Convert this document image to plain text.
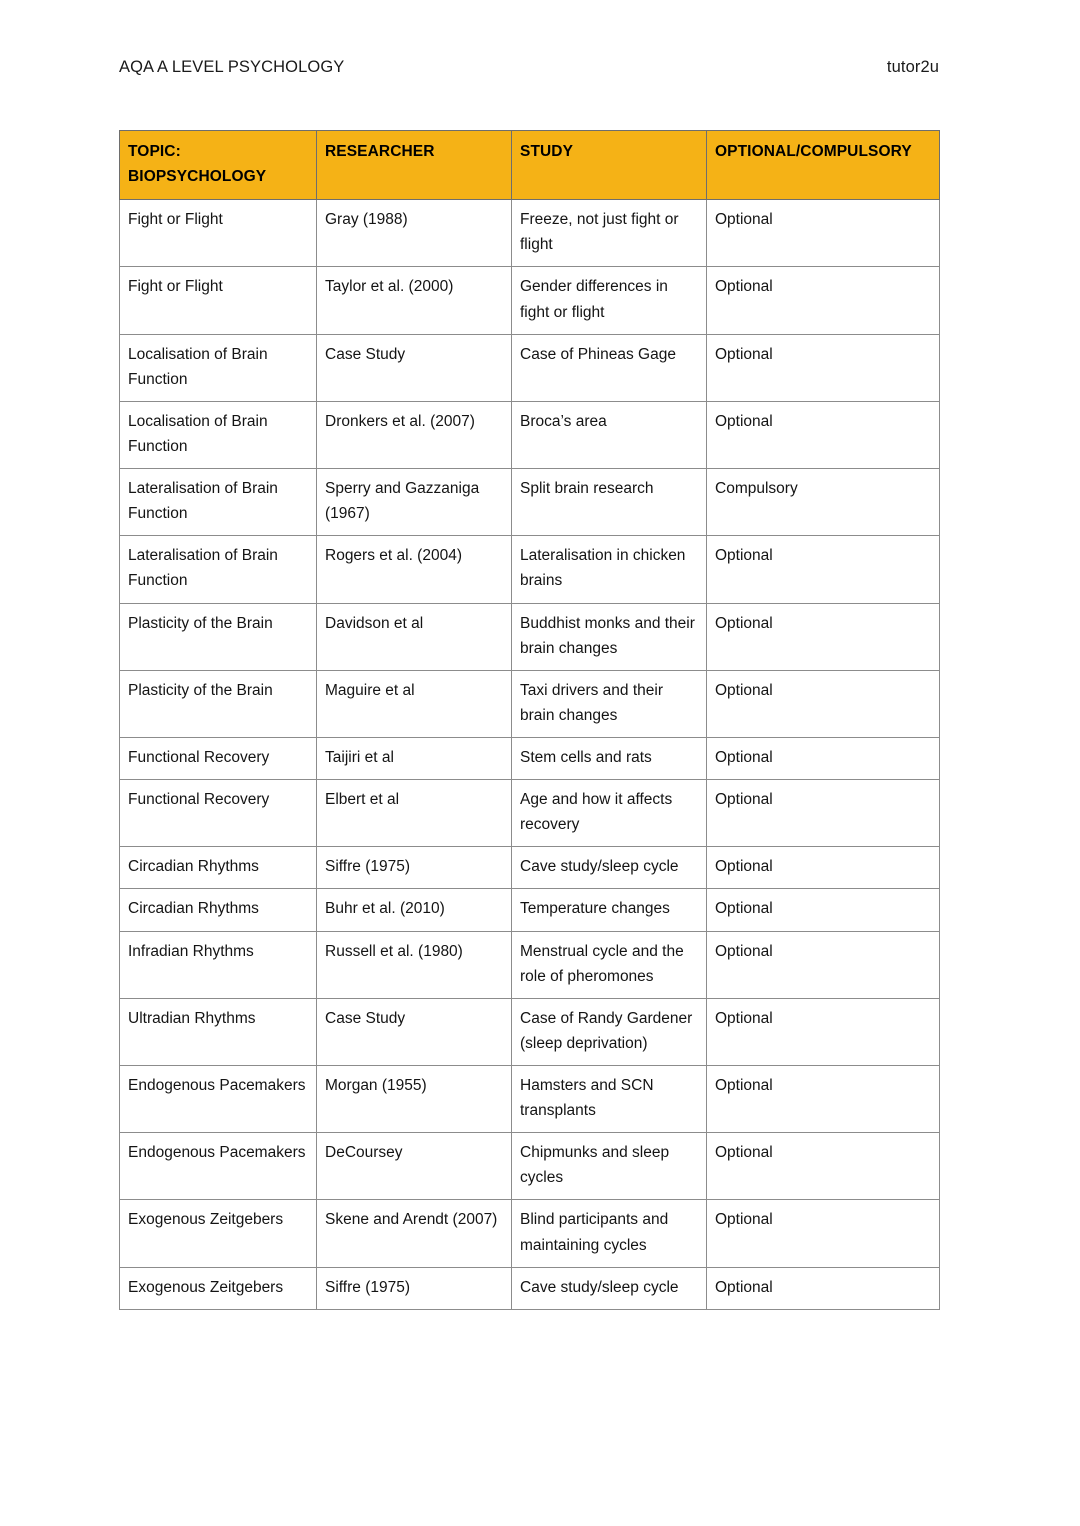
AQA A LEVEL PSYCHOLOGY	tutor2u
TOPIC:
BIOPSYCHOLOGY	RESEARCHER	STUDY	OPTIONAL/COMPULSORY
Fight or Flight	Gray (1988)	Freeze, not just fight or flight	Optional
Fight or Flight	Taylor et al. (2000)	Gender differences in fight or flight	Optional
Localisation of Brain Function	Case Study	Case of Phineas Gage	Optional
Localisation of Brain Function	Dronkers et al. (2007)	Broca’s area	Optional
Lateralisation of Brain Function	Sperry and Gazzaniga (1967)	Split brain research	Compulsory
Lateralisation of Brain Function	Rogers et al. (2004)	Lateralisation in chicken brains	Optional
Plasticity of the Brain	Davidson et al	Buddhist monks and their brain changes	Optional
Plasticity of the Brain	Maguire et al	Taxi drivers and their brain changes	Optional
Functional Recovery	Taijiri et al	Stem cells and rats	Optional
Functional Recovery	Elbert et al	Age and how it affects recovery	Optional
Circadian Rhythms	Siffre (1975)	Cave study/sleep cycle	Optional
Circadian Rhythms	Buhr et al. (2010)	Temperature changes	Optional
Infradian Rhythms	Russell et al. (1980)	Menstrual cycle and the role of pheromones	Optional
Ultradian Rhythms	Case Study	Case of Randy Gardener (sleep deprivation)	Optional
Endogenous Pacemakers	Morgan (1955)	Hamsters and SCN transplants	Optional
Endogenous Pacemakers	DeCoursey	Chipmunks and sleep cycles	Optional
Exogenous Zeitgebers	Skene and Arendt (2007)	Blind participants and maintaining cycles	Optional
Exogenous Zeitgebers	Siffre (1975)	Cave study/sleep cycle	Optional
